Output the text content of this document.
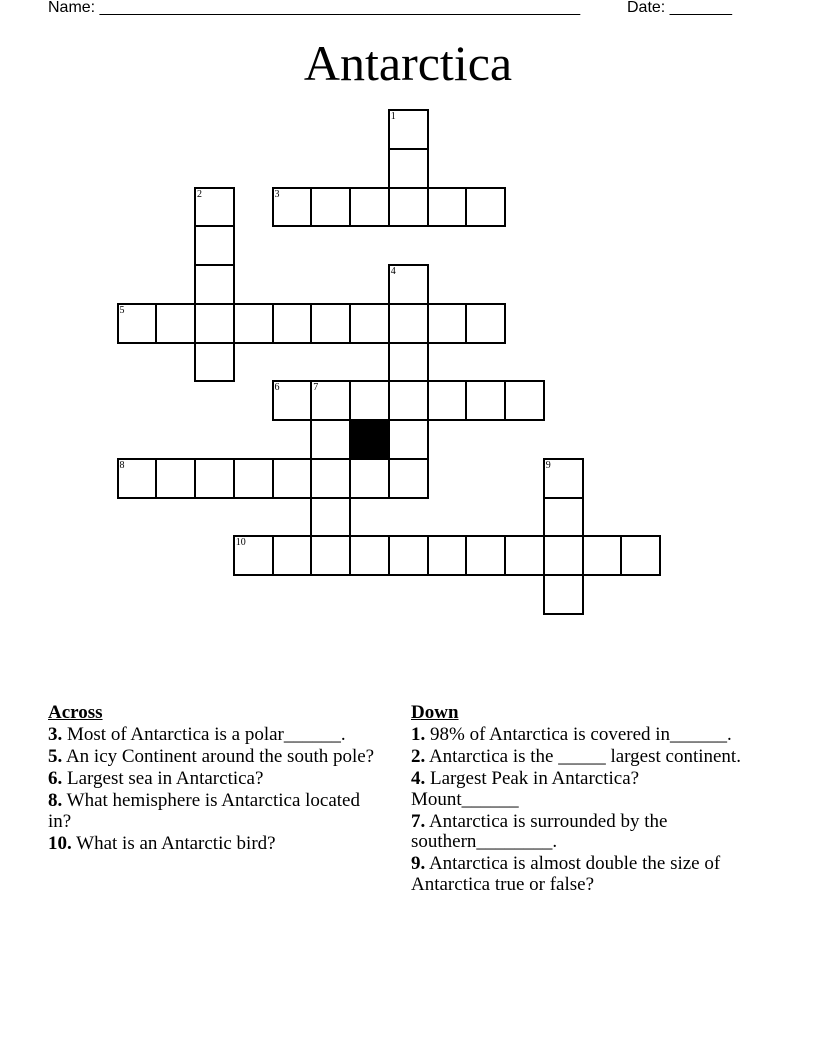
Name: ______________________________________________________	Date: _______
Antarctica
1
2	3
4
5
6	7
8	9
10
Across
3. Most of Antarctica is a polar______.
5. An icy Continent around the south pole?
6. Largest sea in Antarctica?
8. What hemisphere is Antarctica located in?
10. What is an Antarctic bird?
Down
1. 98% of Antarctica is covered in______.
2. Antarctica is the _____ largest continent.
4. Largest Peak in Antarctica? Mount______
7. Antarctica is surrounded by the southern________.
9. Antarctica is almost double the size of Antarctica true or false?
